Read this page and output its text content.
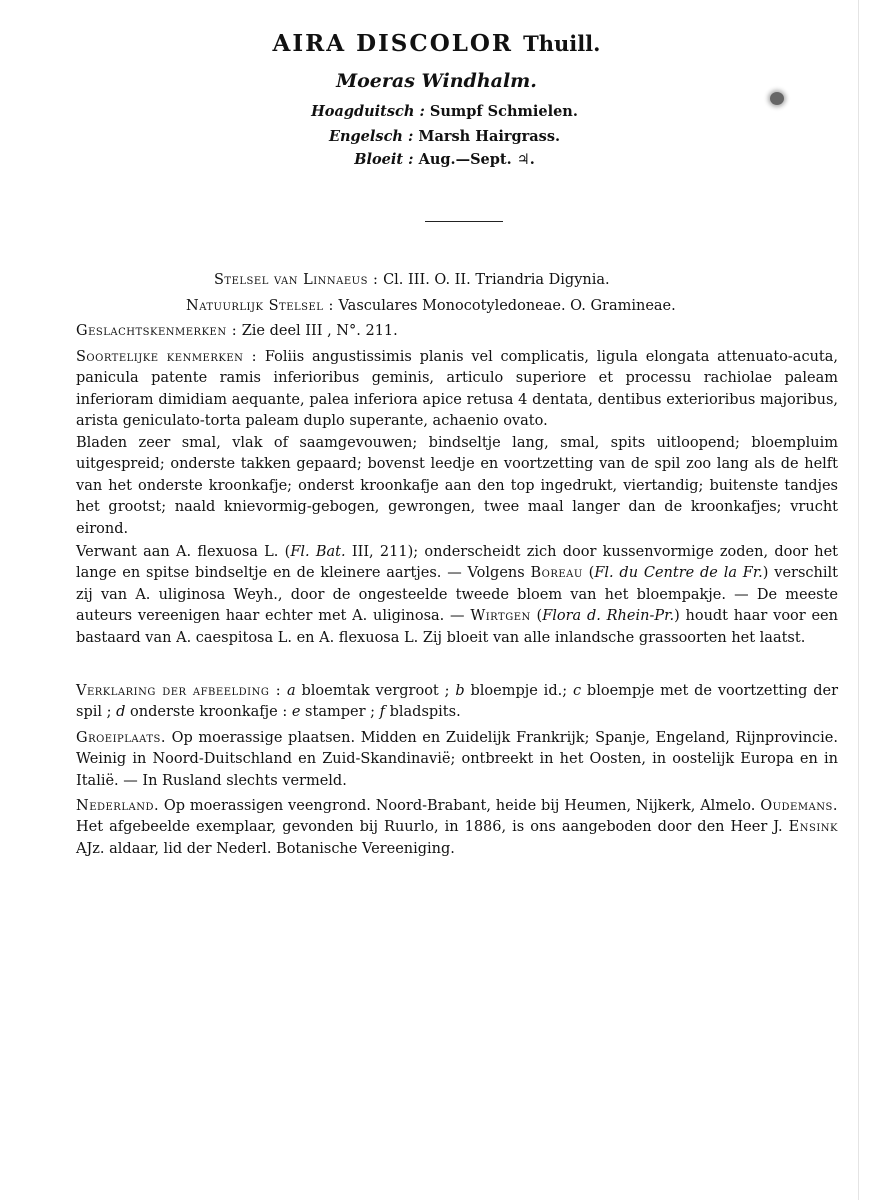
AIRA DISCOLOR Thuill.
Moeras Windhalm.
Hoagduitsch : Sumpf Schmielen.
Engelsch : Marsh Hairgrass.
Bloeit : Aug.—Sept. ♃.
Stelsel van Linnaeus : Cl. III. O. II. Triandria Digynia.
Natuurlijk Stelsel : Vasculares Monocotyledoneae. O. Gramineae.
Geslachtskenmerken : Zie deel III , N°. 211.
Soortelijke kenmerken : Foliis angustissimis planis vel complicatis, ligula elongata attenuato-acuta, panicula patente ramis inferioribus geminis, articulo superiore et processu rachiolae paleam inferioram dimidiam aequante, palea inferiora apice retusa 4 dentata, dentibus exterioribus majoribus, arista geniculato-torta paleam duplo superante, achaenio ovato.
Bladen zeer smal, vlak of saamgevouwen; bindseltje lang, smal, spits uitloopend; bloempluim uitgespreid; onderste takken gepaard; bovenst leedje en voortzetting van de spil zoo lang als de helft van het onderste kroonkafje; onderst kroonkafje aan den top ingedrukt, viertandig; buitenste tandjes het grootst; naald knievormig-gebogen, gewrongen, twee maal langer dan de kroonkafjes; vrucht eirond.
Verwant aan A. flexuosa L. (Fl. Bat. III, 211); onderscheidt zich door kussenvormige zoden, door het lange en spitse bindseltje en de kleinere aartjes. — Volgens Boreau (Fl. du Centre de la Fr.) verschilt zij van A. uliginosa Weyh., door de ongesteelde tweede bloem van het bloempakje. — De meeste auteurs vereenigen haar echter met A. uliginosa. — Wirtgen (Flora d. Rhein-Pr.) houdt haar voor een bastaard van A. caespitosa L. en A. flexuosa L. Zij bloeit van alle inlandsche grassoorten het laatst.
Verklaring der afbeelding : a bloemtak vergroot ; b bloempje id.; c bloempje met de voortzetting der spil ; d onderste kroonkafje : e stamper ; f bladspits.
Groeiplaats. Op moerassige plaatsen. Midden en Zuidelijk Frankrijk; Spanje, Engeland, Rijnprovincie. Weinig in Noord-Duitschland en Zuid-Skandinavië; ontbreekt in het Oosten, in oostelijk Europa en in Italië. — In Rusland slechts vermeld.
Nederland. Op moerassigen veengrond. Noord-Brabant, heide bij Heumen, Nijkerk, Almelo. Oudemans. Het afgebeelde exemplaar, gevonden bij Ruurlo, in 1886, is ons aangeboden door den Heer J. Ensink AJz. aldaar, lid der Nederl. Botanische Vereeniging.
